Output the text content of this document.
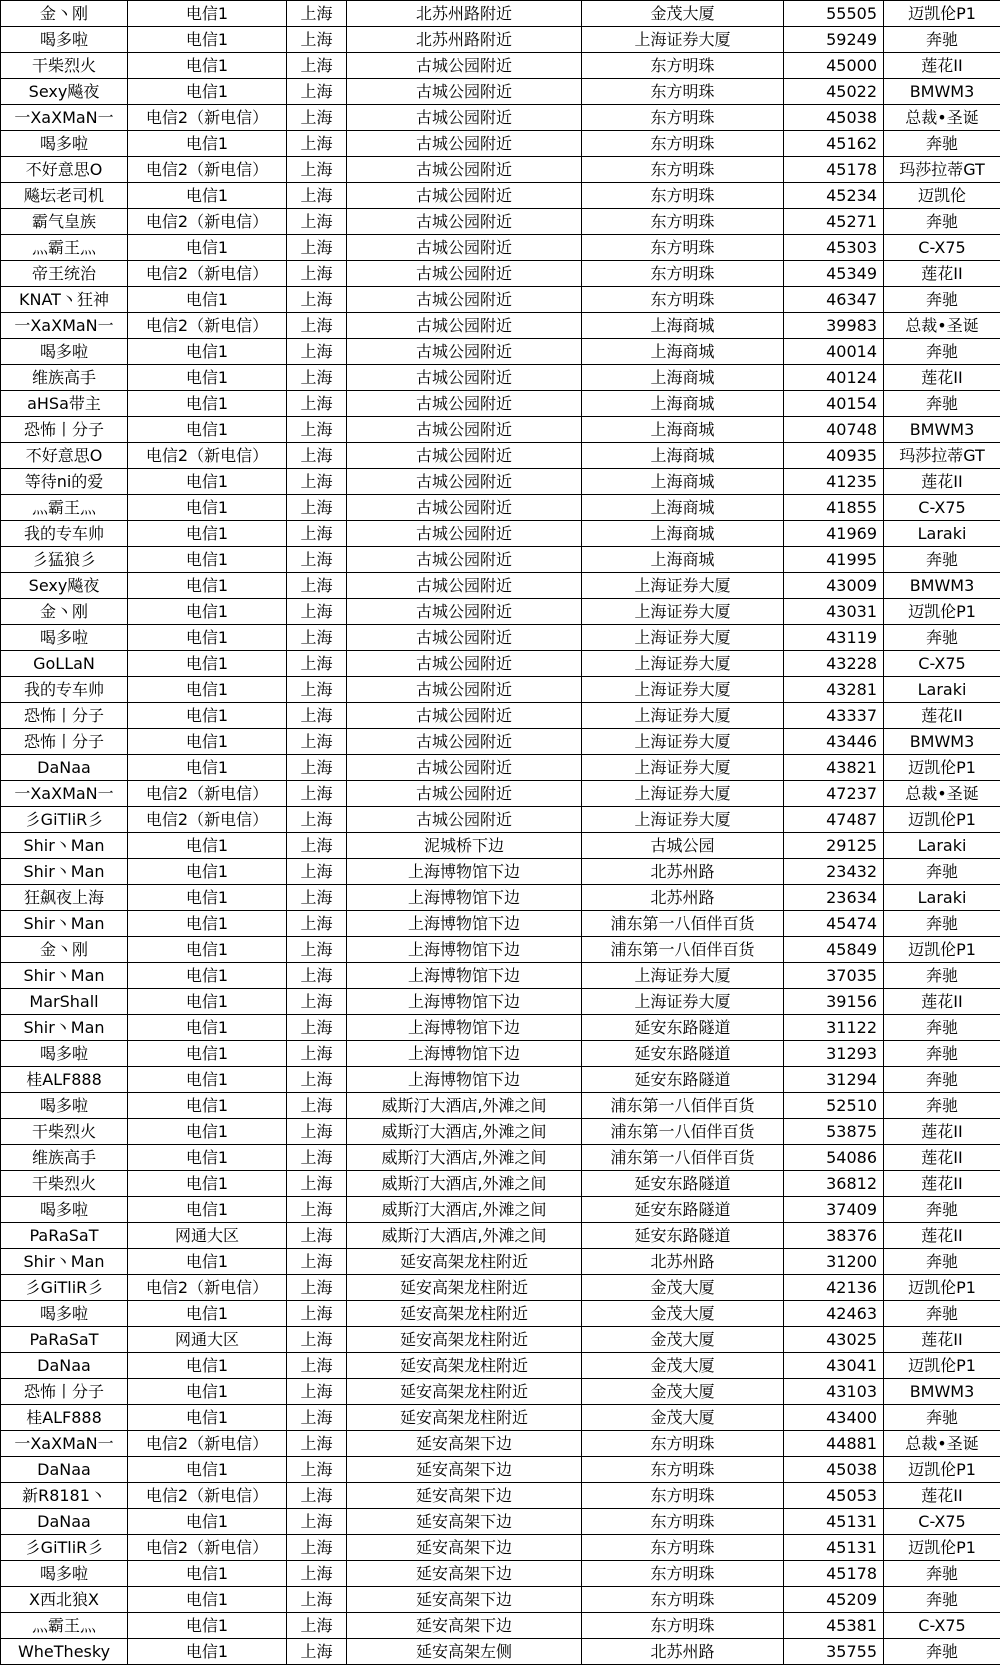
金丶刚	电信1	上海	北苏州路附近	金茂大厦	55505	迈凯伦P1
喝多啦	电信1	上海	北苏州路附近	上海证券大厦	59249	奔驰
干柴烈火	电信1	上海	古城公园附近	东方明珠	45000	莲花II
Sexy飚夜	电信1	上海	古城公园附近	东方明珠	45022	BMWM3
一XaXMaN一	电信2（新电信）	上海	古城公园附近	东方明珠	45038	总裁•圣诞
喝多啦	电信1	上海	古城公园附近	东方明珠	45162	奔驰
不好意思O	电信2（新电信）	上海	古城公园附近	东方明珠	45178	玛莎拉蒂GT
飚坛老司机	电信1	上海	古城公园附近	东方明珠	45234	迈凯伦
霸气皇族	电信2（新电信）	上海	古城公园附近	东方明珠	45271	奔驰
灬霸王灬	电信1	上海	古城公园附近	东方明珠	45303	C-X75
帝王统治	电信2（新电信）	上海	古城公园附近	东方明珠	45349	莲花II
KNAT丶狂神	电信1	上海	古城公园附近	东方明珠	46347	奔驰
一XaXMaN一	电信2（新电信）	上海	古城公园附近	上海商城	39983	总裁•圣诞
喝多啦	电信1	上海	古城公园附近	上海商城	40014	奔驰
维族高手	电信1	上海	古城公园附近	上海商城	40124	莲花II
aHSa带主	电信1	上海	古城公园附近	上海商城	40154	奔驰
恐怖丨分子	电信1	上海	古城公园附近	上海商城	40748	BMWM3
不好意思O	电信2（新电信）	上海	古城公园附近	上海商城	40935	玛莎拉蒂GT
等待ni的爱	电信1	上海	古城公园附近	上海商城	41235	莲花II
灬霸王灬	电信1	上海	古城公园附近	上海商城	41855	C-X75
我的专车帅	电信1	上海	古城公园附近	上海商城	41969	Laraki
彡猛狼彡	电信1	上海	古城公园附近	上海商城	41995	奔驰
Sexy飚夜	电信1	上海	古城公园附近	上海证券大厦	43009	BMWM3
金丶刚	电信1	上海	古城公园附近	上海证券大厦	43031	迈凯伦P1
喝多啦	电信1	上海	古城公园附近	上海证券大厦	43119	奔驰
GoLLaN	电信1	上海	古城公园附近	上海证券大厦	43228	C-X75
我的专车帅	电信1	上海	古城公园附近	上海证券大厦	43281	Laraki
恐怖丨分子	电信1	上海	古城公园附近	上海证券大厦	43337	莲花II
恐怖丨分子	电信1	上海	古城公园附近	上海证券大厦	43446	BMWM3
DaNaa	电信1	上海	古城公园附近	上海证券大厦	43821	迈凯伦P1
一XaXMaN一	电信2（新电信）	上海	古城公园附近	上海证券大厦	47237	总裁•圣诞
彡GiTliR彡	电信2（新电信）	上海	古城公园附近	上海证券大厦	47487	迈凯伦P1
Shir丶Man	电信1	上海	泥城桥下边	古城公园	29125	Laraki
Shir丶Man	电信1	上海	上海博物馆下边	北苏州路	23432	奔驰
狂飙夜上海	电信1	上海	上海博物馆下边	北苏州路	23634	Laraki
Shir丶Man	电信1	上海	上海博物馆下边	浦东第一八佰伴百货	45474	奔驰
金丶刚	电信1	上海	上海博物馆下边	浦东第一八佰伴百货	45849	迈凯伦P1
Shir丶Man	电信1	上海	上海博物馆下边	上海证券大厦	37035	奔驰
MarShall	电信1	上海	上海博物馆下边	上海证券大厦	39156	莲花II
Shir丶Man	电信1	上海	上海博物馆下边	延安东路隧道	31122	奔驰
喝多啦	电信1	上海	上海博物馆下边	延安东路隧道	31293	奔驰
桂ALF888	电信1	上海	上海博物馆下边	延安东路隧道	31294	奔驰
喝多啦	电信1	上海	威斯汀大酒店,外滩之间	浦东第一八佰伴百货	52510	奔驰
干柴烈火	电信1	上海	威斯汀大酒店,外滩之间	浦东第一八佰伴百货	53875	莲花II
维族高手	电信1	上海	威斯汀大酒店,外滩之间	浦东第一八佰伴百货	54086	莲花II
干柴烈火	电信1	上海	威斯汀大酒店,外滩之间	延安东路隧道	36812	莲花II
喝多啦	电信1	上海	威斯汀大酒店,外滩之间	延安东路隧道	37409	奔驰
PaRaSaT	网通大区	上海	威斯汀大酒店,外滩之间	延安东路隧道	38376	莲花II
Shir丶Man	电信1	上海	延安高架龙柱附近	北苏州路	31200	奔驰
彡GiTliR彡	电信2（新电信）	上海	延安高架龙柱附近	金茂大厦	42136	迈凯伦P1
喝多啦	电信1	上海	延安高架龙柱附近	金茂大厦	42463	奔驰
PaRaSaT	网通大区	上海	延安高架龙柱附近	金茂大厦	43025	莲花II
DaNaa	电信1	上海	延安高架龙柱附近	金茂大厦	43041	迈凯伦P1
恐怖丨分子	电信1	上海	延安高架龙柱附近	金茂大厦	43103	BMWM3
桂ALF888	电信1	上海	延安高架龙柱附近	金茂大厦	43400	奔驰
一XaXMaN一	电信2（新电信）	上海	延安高架下边	东方明珠	44881	总裁•圣诞
DaNaa	电信1	上海	延安高架下边	东方明珠	45038	迈凯伦P1
新R8181丶	电信2（新电信）	上海	延安高架下边	东方明珠	45053	莲花II
DaNaa	电信1	上海	延安高架下边	东方明珠	45131	C-X75
彡GiTliR彡	电信2（新电信）	上海	延安高架下边	东方明珠	45131	迈凯伦P1
喝多啦	电信1	上海	延安高架下边	东方明珠	45178	奔驰
X西北狼X	电信1	上海	延安高架下边	东方明珠	45209	奔驰
灬霸王灬	电信1	上海	延安高架下边	东方明珠	45381	C-X75
WheThesky	电信1	上海	延安高架左侧	北苏州路	35755	奔驰
